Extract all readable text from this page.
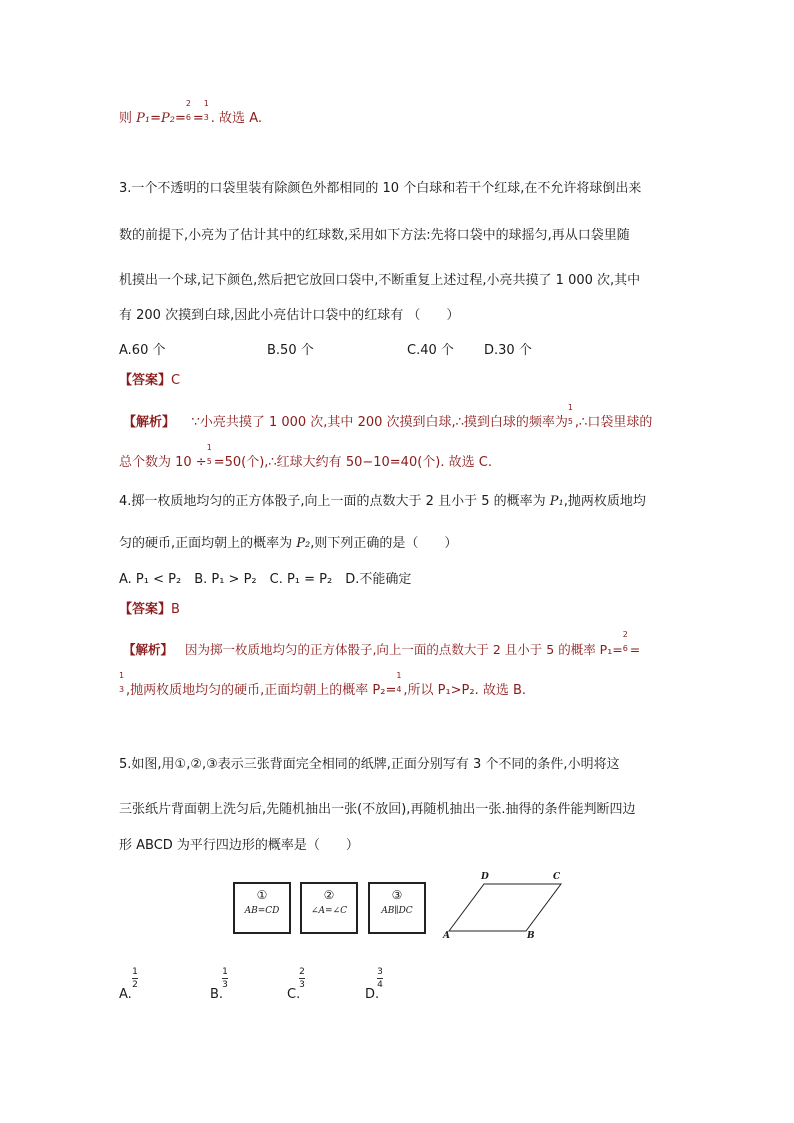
则 P₁=P₂=
2
6 =
1
3 . 故选 A.
3.一个不透明的口袋里装有除颜色外都相同的 10 个白球和若干个红球,在不允许将球倒出来
数的前提下,小亮为了估计其中的红球数,采用如下方法:先将口袋中的球摇匀,再从口袋里随
机摸出一个球,记下颜色,然后把它放回口袋中,不断重复上述过程,小亮共摸了 1 000 次,其中
有 200 次摸到白球,因此小亮估计口袋中的红球有 （　　）
A.60 个	B.50 个	C.40 个 D.30 个
【答案】C
【解析】 ∵小亮共摸了 1 000 次,其中 200 次摸到白球,∴摸到白球的频率为
1
5 ,∴口袋里球的
总个数为 10 ÷
1
5 =50(个),∴红球大约有 50−10=40(个). 故选 C.
4.掷一枚质地均匀的正方体骰子,向上一面的点数大于 2 且小于 5 的概率为 P₁,抛两枚质地均
匀的硬币,正面均朝上的概率为 P₂,则下列正确的是（　　）
A. P₁ < P₂　B. P₁ > P₂　C. P₁ = P₂　D.不能确定
【答案】B
【解析】 因为掷一枚质地均匀的正方体骰子,向上一面的点数大于 2 且小于 5 的概率 P₁=
2
6 =
1
3 ,抛两枚质地均匀的硬币,正面均朝上的概率 P₂=
1
4 ,所以 P₁>P₂. 故选 B.
5.如图,用①,②,③表示三张背面完全相同的纸牌,正面分别写有 3 个不同的条件,小明将这
三张纸片背面朝上洗匀后,先随机抽出一张(不放回),再随机抽出一张.抽得的条件能判断四边
形 ABCD 为平行四边形的概率是（　　）
①
AB=CD
②
∠A=∠C
③
AB∥DC
D	C
A	B
1
2
A.
1
3
B.
2
3
C.
3
4
D.
